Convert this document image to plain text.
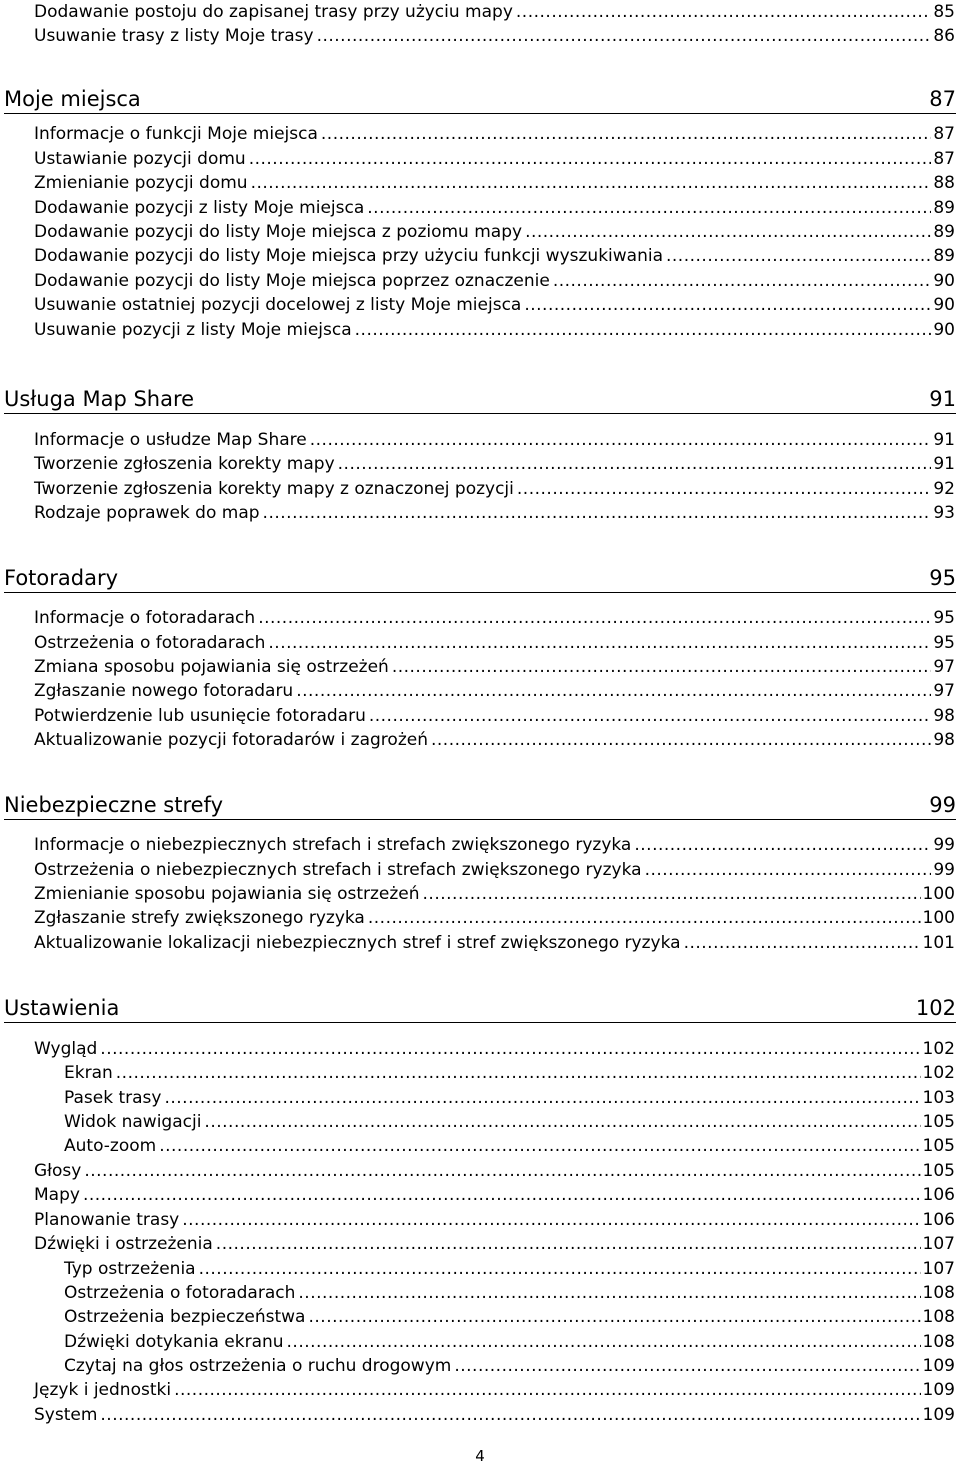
Dodawanie postoju do zapisanej trasy przy użyciu mapy .....	85
Usuwanie trasy z listy Moje trasy .....	86
Moje miejsca	87
Informacje o funkcji Moje miejsca .....	87
Ustawianie pozycji domu .....	87
Zmienianie pozycji domu .....	88
Dodawanie pozycji z listy Moje miejsca .....	89
Dodawanie pozycji do listy Moje miejsca z poziomu mapy .....	89
Dodawanie pozycji do listy Moje miejsca przy użyciu funkcji wyszukiwania .....	89
Dodawanie pozycji do listy Moje miejsca poprzez oznaczenie .....	90
Usuwanie ostatniej pozycji docelowej z listy Moje miejsca .....	90
Usuwanie pozycji z listy Moje miejsca .....	90
Usługa Map Share	91
Informacje o usłudze Map Share .....	91
Tworzenie zgłoszenia korekty mapy .....	91
Tworzenie zgłoszenia korekty mapy z oznaczonej pozycji .....	92
Rodzaje poprawek do map .....	93
Fotoradary	95
Informacje o fotoradarach .....	95
Ostrzeżenia o fotoradarach .....	95
Zmiana sposobu pojawiania się ostrzeżeń .....	97
Zgłaszanie nowego fotoradaru .....	97
Potwierdzenie lub usunięcie fotoradaru .....	98
Aktualizowanie pozycji fotoradarów i zagrożeń .....	98
Niebezpieczne strefy	99
Informacje o niebezpiecznych strefach i strefach zwiększonego ryzyka .....	99
Ostrzeżenia o niebezpiecznych strefach i strefach zwiększonego ryzyka .....	99
Zmienianie sposobu pojawiania się ostrzeżeń .....	100
Zgłaszanie strefy zwiększonego ryzyka .....	100
Aktualizowanie lokalizacji niebezpiecznych stref i stref zwiększonego ryzyka .....	101
Ustawienia	102
Wygląd .....	102
Ekran .....	102
Pasek trasy .....	103
Widok nawigacji .....	105
Auto-zoom .....	105
Głosy .....	105
Mapy .....	106
Planowanie trasy .....	106
Dźwięki i ostrzeżenia .....	107
Typ ostrzeżenia .....	107
Ostrzeżenia o fotoradarach .....	108
Ostrzeżenia bezpieczeństwa .....	108
Dźwięki dotykania ekranu .....	108
Czytaj na głos ostrzeżenia o ruchu drogowym .....	109
Język i jednostki .....	109
System .....	109
4
